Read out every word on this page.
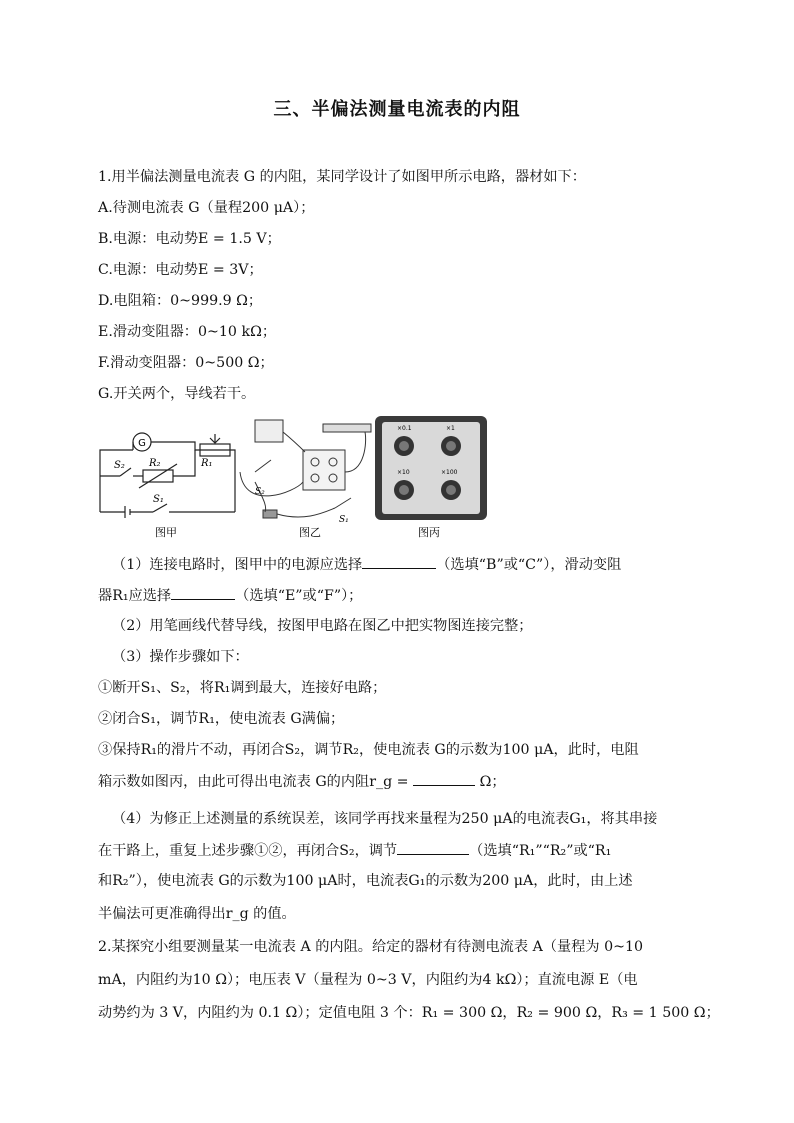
三、半偏法测量电流表的内阻
1.用半偏法测量电流表 G 的内阻，某同学设计了如图甲所示电路，器材如下：
A.待测电流表 G（量程200 μA）；
B.电源：电动势E = 1.5 V；
C.电源：电动势E = 3V；
D.电阻箱：0~999.9 Ω；
E.滑动变阻器：0~10 kΩ；
F.滑动变阻器：0~500 Ω；
G.开关两个，导线若干。
G
S₂ R₂	R₁
S₁
图甲	图乙
S₂
S₁
×0.1	×1
×10	×100
图丙
（1）连接电路时，图甲中的电源应选择	（选填“B”或“C”），滑动变阻
器R₁应选择	（选填“E”或“F”）；
（2）用笔画线代替导线，按图甲电路在图乙中把实物图连接完整；
（3）操作步骤如下：
①断开S₁、S₂，将R₁调到最大，连接好电路；
②闭合S₁，调节R₁，使电流表 G满偏；
③保持R₁的滑片不动，再闭合S₂，调节R₂，使电流表 G的示数为100 μA，此时，电阻
箱示数如图丙，由此可得出电流表 G的内阻r_g =	Ω；
（4）为修正上述测量的系统误差，该同学再找来量程为250 μA的电流表G₁，将其串接
在干路上，重复上述步骤①②，再闭合S₂，调节	（选填“R₁”“R₂”或“R₁
和R₂”），使电流表 G的示数为100 μA时，电流表G₁的示数为200 μA，此时，由上述
半偏法可更准确得出r_g 的值。
2.某探究小组要测量某一电流表 A 的内阻。给定的器材有待测电流表 A（量程为 0~10
mA，内阻约为10 Ω）；电压表 V（量程为 0~3 V，内阻约为4 kΩ）；直流电源 E（电
动势约为 3 V，内阻约为 0.1 Ω）；定值电阻 3 个：R₁ = 300 Ω，R₂ = 900 Ω，R₃ = 1 500 Ω；
